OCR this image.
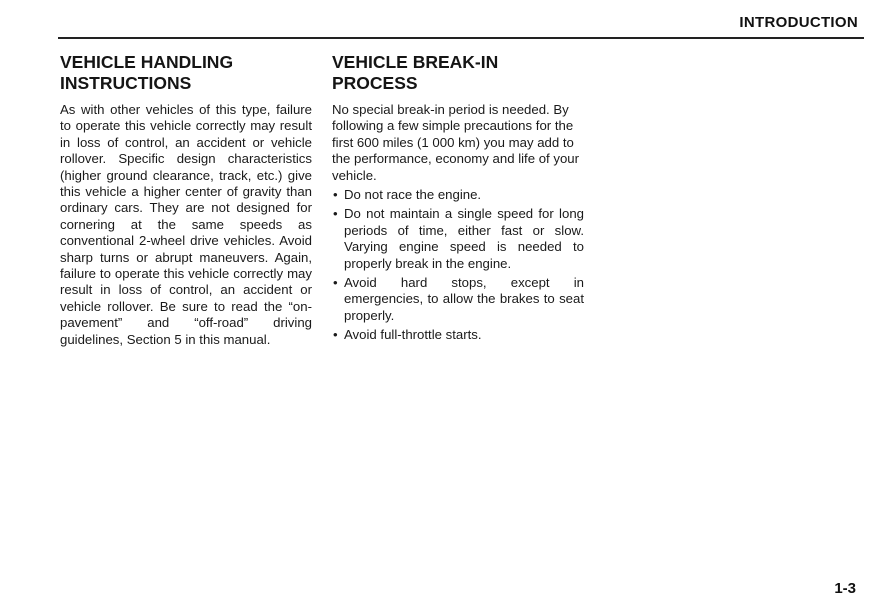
INTRODUCTION
VEHICLE HANDLING INSTRUCTIONS

As with other vehicles of this type, failure to operate this vehicle correctly may result in loss of control, an accident or vehicle rollover. Specific design characteristics (higher ground clearance, track, etc.) give this vehicle a higher center of gravity than ordinary cars. They are not designed for cornering at the same speeds as conventional 2-wheel drive vehicles. Avoid sharp turns or abrupt maneuvers. Again, failure to operate this vehicle correctly may result in loss of control, an accident or vehicle rollover. Be sure to read the “on-pavement” and “off-road” driving guidelines, Section 5 in this manual.

VEHICLE BREAK-IN PROCESS

No special break-in period is needed. By following a few simple precautions for the first 600 miles (1 000 km) you may add to the performance, economy and life of your vehicle.

• Do not race the engine.
• Do not maintain a single speed for long periods of time, either fast or slow. Varying engine speed is needed to properly break in the engine.
• Avoid hard stops, except in emergencies, to allow the brakes to seat properly.
• Avoid full-throttle starts.
1-3
